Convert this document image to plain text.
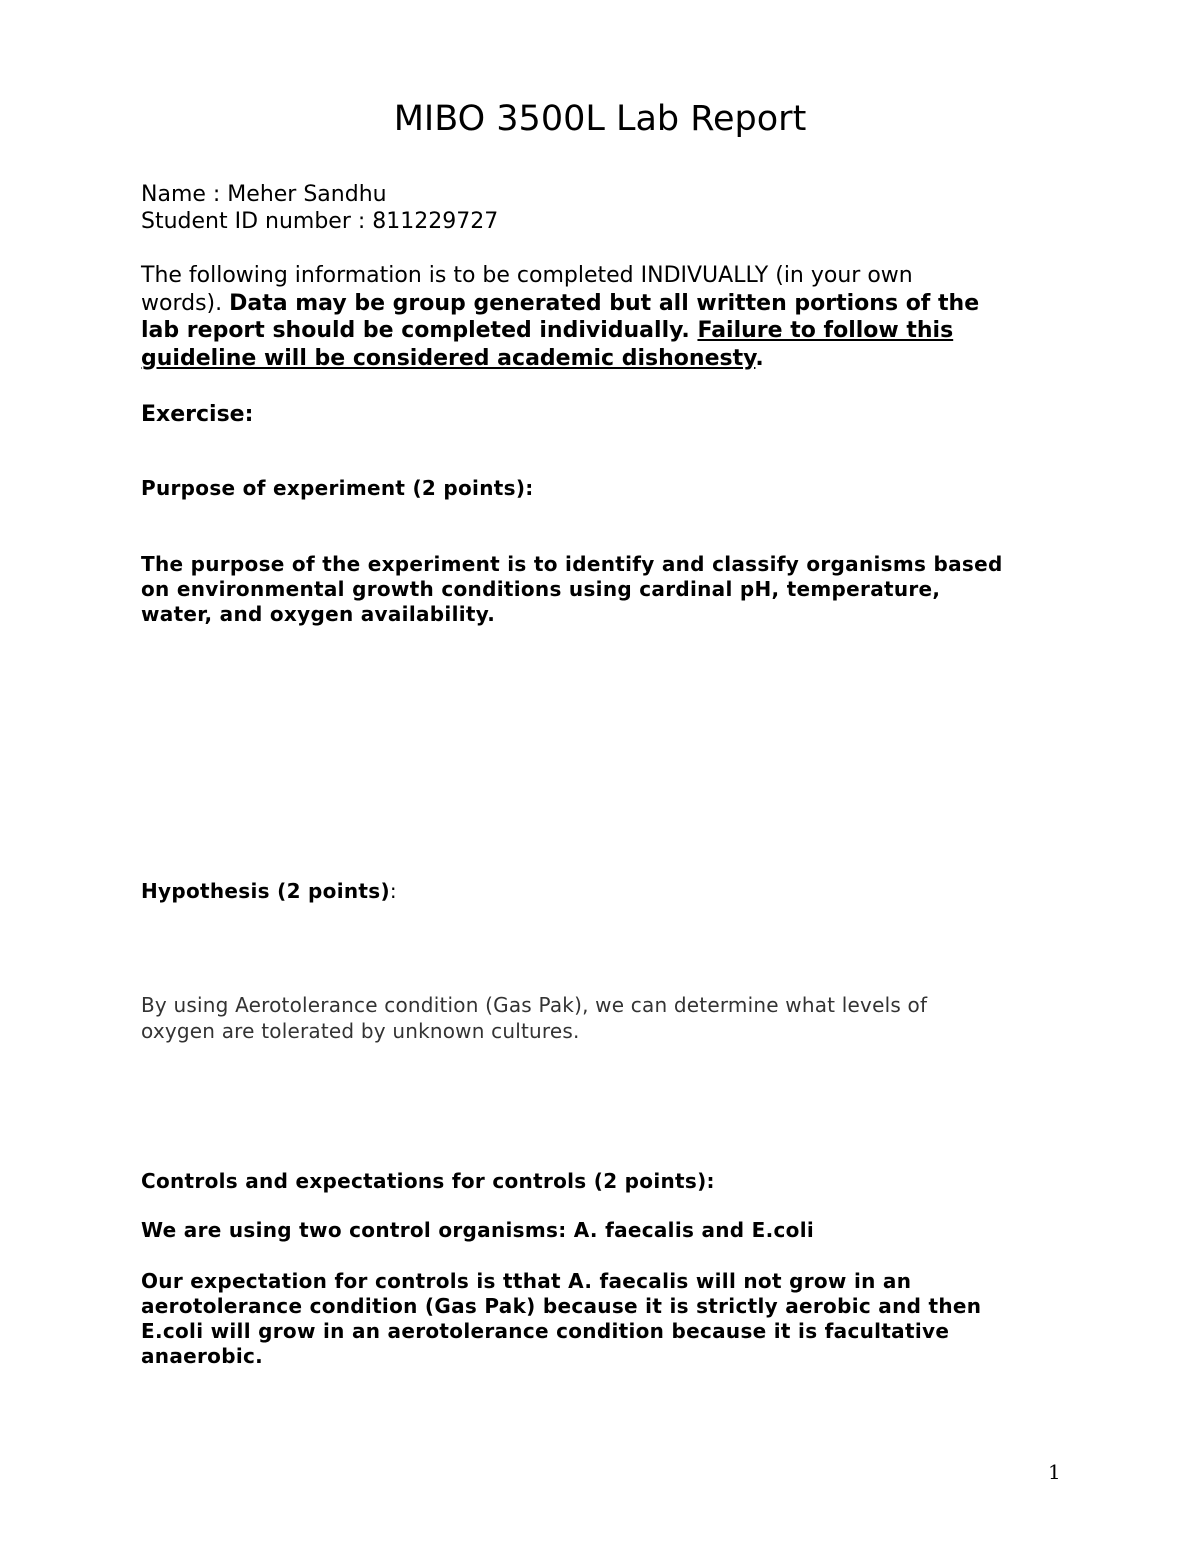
MIBO 3500L Lab Report
Name : Meher Sandhu
Student ID number : 811229727
The following information is to be completed INDIVUALLY (in your own
words). Data may be group generated but all written portions of the
lab report should be completed individually. Failure to follow this
guideline will be considered academic dishonesty.
Exercise:
Purpose of experiment (2 points):
The purpose of the experiment is to identify and classify organisms based
on environmental growth conditions using cardinal pH, temperature,
water, and oxygen availability.
Hypothesis (2 points):
By using Aerotolerance condition (Gas Pak), we can determine what levels of
oxygen are tolerated by unknown cultures.
Controls and expectations for controls (2 points):
We are using two control organisms: A. faecalis and E.coli
Our expectation for controls is tthat A. faecalis will not grow in an
aerotolerance condition (Gas Pak) because it is strictly aerobic and then
E.coli will grow in an aerotolerance condition because it is facultative
anaerobic.
1
